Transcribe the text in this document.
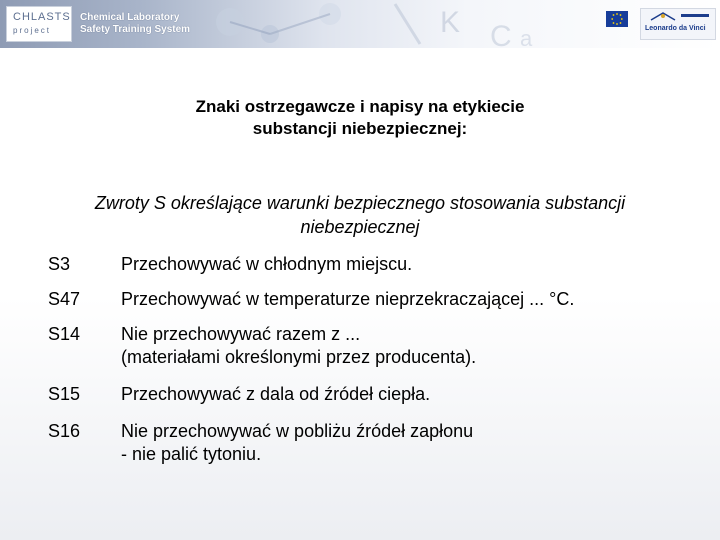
K C a
CHLASTS
project
Chemical Laboratory
Safety Training System	Leonardo da Vinci
Znaki ostrzegawcze i napisy na etykiecie
substancji niebezpiecznej:
Zwroty S określające warunki bezpiecznego stosowania substancji
niebezpiecznej
S3	Przechowywać w chłodnym miejscu.
S47	Przechowywać w temperaturze nieprzekraczającej ... °C.
S14	Nie przechowywać razem z ...
(materiałami określonymi przez producenta).
S15	Przechowywać z dala od źródeł ciepła.
S16	Nie przechowywać w pobliżu źródeł zapłonu
- nie palić tytoniu.
